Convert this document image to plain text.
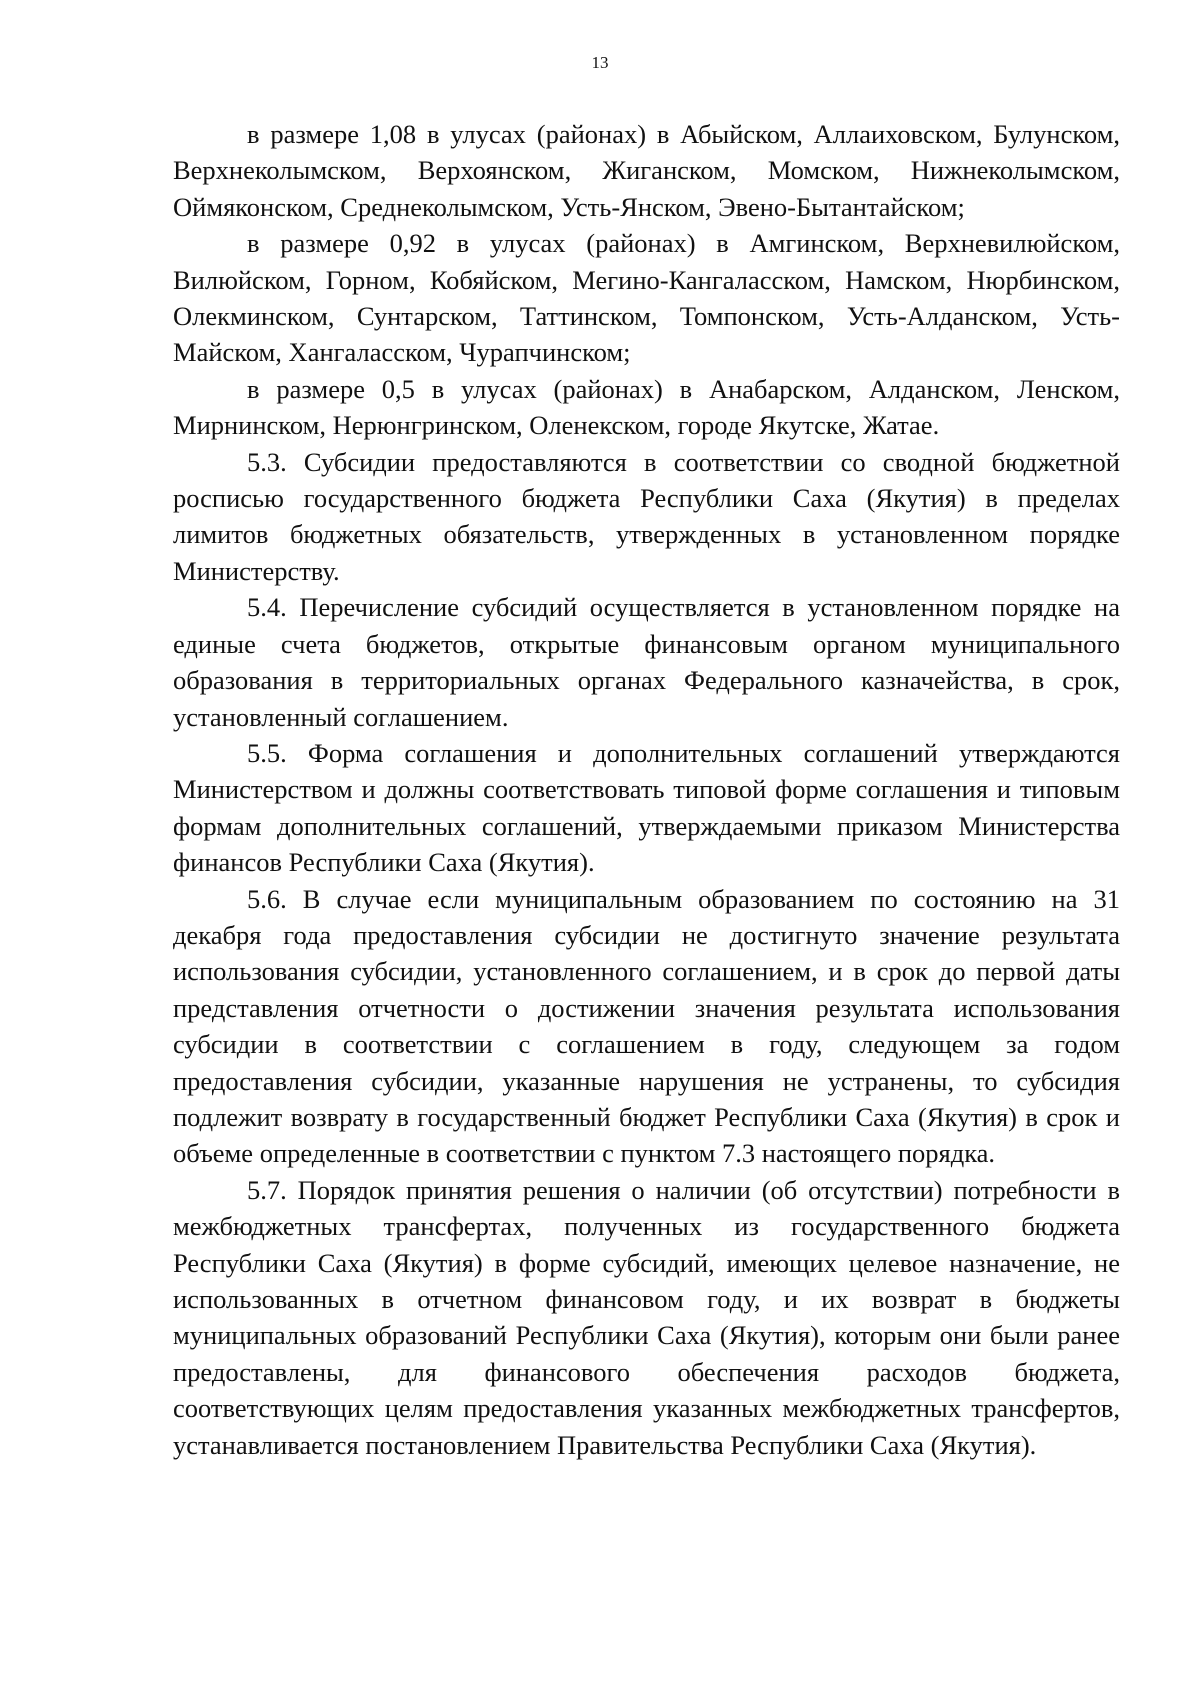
13

в размере 1,08 в улусах (районах) в Абыйском, Аллаиховском, Булунском, Верхнеколымском, Верхоянском, Жиганском, Момском, Нижнеколымском, Оймяконском, Среднеколымском, Усть-Янском, Эвено-Бытантайском;

в размере 0,92 в улусах (районах) в Амгинском, Верхневилюйском, Вилюйском, Горном, Кобяйском, Мегино-Кангаласском, Намском, Нюрбинском, Олекминском, Сунтарском, Таттинском, Томпонском, Усть-Алданском, Усть-Майском, Хангаласском, Чурапчинском;

в размере 0,5 в улусах (районах) в Анабарском, Алданском, Ленском, Мирнинском, Нерюнгринском, Оленекском, городе Якутске, Жатае.

5.3. Субсидии предоставляются в соответствии со сводной бюджетной росписью государственного бюджета Республики Саха (Якутия) в пределах лимитов бюджетных обязательств, утвержденных в установленном порядке Министерству.

5.4. Перечисление субсидий осуществляется в установленном порядке на единые счета бюджетов, открытые финансовым органом муниципального образования в территориальных органах Федерального казначейства, в срок, установленный соглашением.

5.5. Форма соглашения и дополнительных соглашений утверждаются Министерством и должны соответствовать типовой форме соглашения и типовым формам дополнительных соглашений, утверждаемыми приказом Министерства финансов Республики Саха (Якутия).

5.6. В случае если муниципальным образованием по состоянию на 31 декабря года предоставления субсидии не достигнуто значение результата использования субсидии, установленного соглашением, и в срок до первой даты представления отчетности о достижении значения результата использования субсидии в соответствии с соглашением в году, следующем за годом предоставления субсидии, указанные нарушения не устранены, то субсидия подлежит возврату в государственный бюджет Республики Саха (Якутия) в срок и объеме определенные в соответствии с пунктом 7.3 настоящего порядка.

5.7. Порядок принятия решения о наличии (об отсутствии) потребности в межбюджетных трансфертах, полученных из государственного бюджета Республики Саха (Якутия) в форме субсидий, имеющих целевое назначение, не использованных в отчетном финансовом году, и их возврат в бюджеты муниципальных образований Республики Саха (Якутия), которым они были ранее предоставлены, для финансового обеспечения расходов бюджета, соответствующих целям предоставления указанных межбюджетных трансфертов, устанавливается постановлением Правительства Республики Саха (Якутия).
